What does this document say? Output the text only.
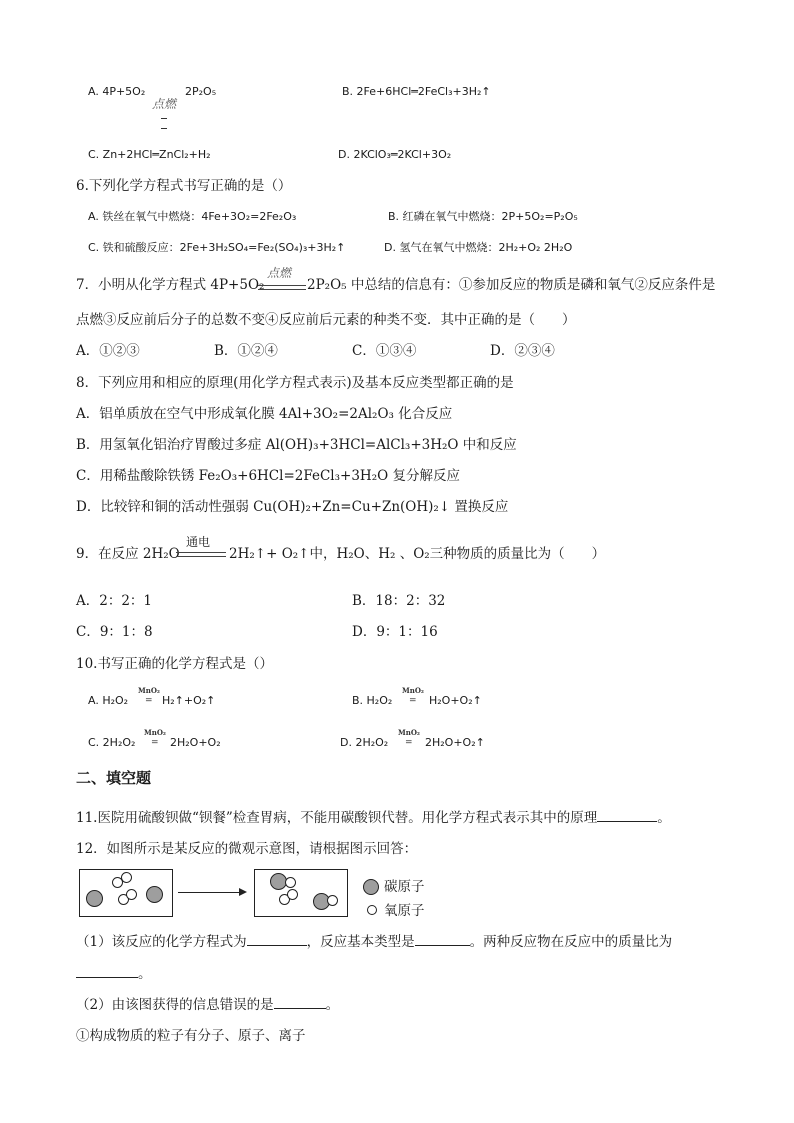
A. 4P+5O₂
点燃
2P₂O₅	B. 2Fe+6HCl═2FeCl₃+3H₂↑
C. Zn+2HCl═ZnCl₂+H₂	D. 2KClO₃═2KCl+3O₂
6.下列化学方程式书写正确的是（）
A. 铁丝在氧气中燃烧：4Fe+3O₂=2Fe₂O₃	B. 红磷在氧气中燃烧：2P+5O₂=P₂O₅
C. 铁和硫酸反应：2Fe+3H₂SO₄=Fe₂(SO₄)₃+3H₂↑	D. 氢气在氧气中燃烧：2H₂+O₂ 2H₂O
7．小明从化学方程式 4P+5O₂
点燃
2P₂O₅ 中总结的信息有：①参加反应的物质是磷和氧气②反应条件是
点燃③反应前后分子的总数不变④反应前后元素的种类不变．其中正确的是（　　）
A．①②③	B．①②④	C．①③④	D．②③④
8．下列应用和相应的原理(用化学方程式表示)及基本反应类型都正确的是
A．铝单质放在空气中形成氧化膜 4Al+3O₂=2Al₂O₃ 化合反应
B．用氢氧化铝治疗胃酸过多症 Al(OH)₃+3HCl=AlCl₃+3H₂O 中和反应
C．用稀盐酸除铁锈 Fe₂O₃+6HCl=2FeCl₃+3H₂O 复分解反应
D．比较锌和铜的活动性强弱 Cu(OH)₂+Zn=Cu+Zn(OH)₂↓ 置换反应
9．在反应 2H₂O
通电
2H₂↑+ O₂↑中，H₂O、H₂ 、O₂三种物质的质量比为（　　）
A．2：2：1	B．18：2：32
C．9：1：8	D．9：1：16
10.书写正确的化学方程式是（）
A. H₂O₂
MnO₂
= H₂↑+O₂↑	B. H₂O₂
MnO₂
= H₂O+O₂↑
C. 2H₂O₂
MnO₂
= 2H₂O+O₂	D. 2H₂O₂
MnO₂
= 2H₂O+O₂↑
二、填空题
11.医院用硫酸钡做“钡餐”检查胃病，不能用碳酸钡代替。用化学方程式表示其中的原理	。
12．如图所示是某反应的微观示意图，请根据图示回答：
碳原子
氧原子
（1）该反应的化学方程式为	，反应基本类型是	。两种反应物在反应中的质量比为
。
（2）由该图获得的信息错误的是	。
①构成物质的粒子有分子、原子、离子
